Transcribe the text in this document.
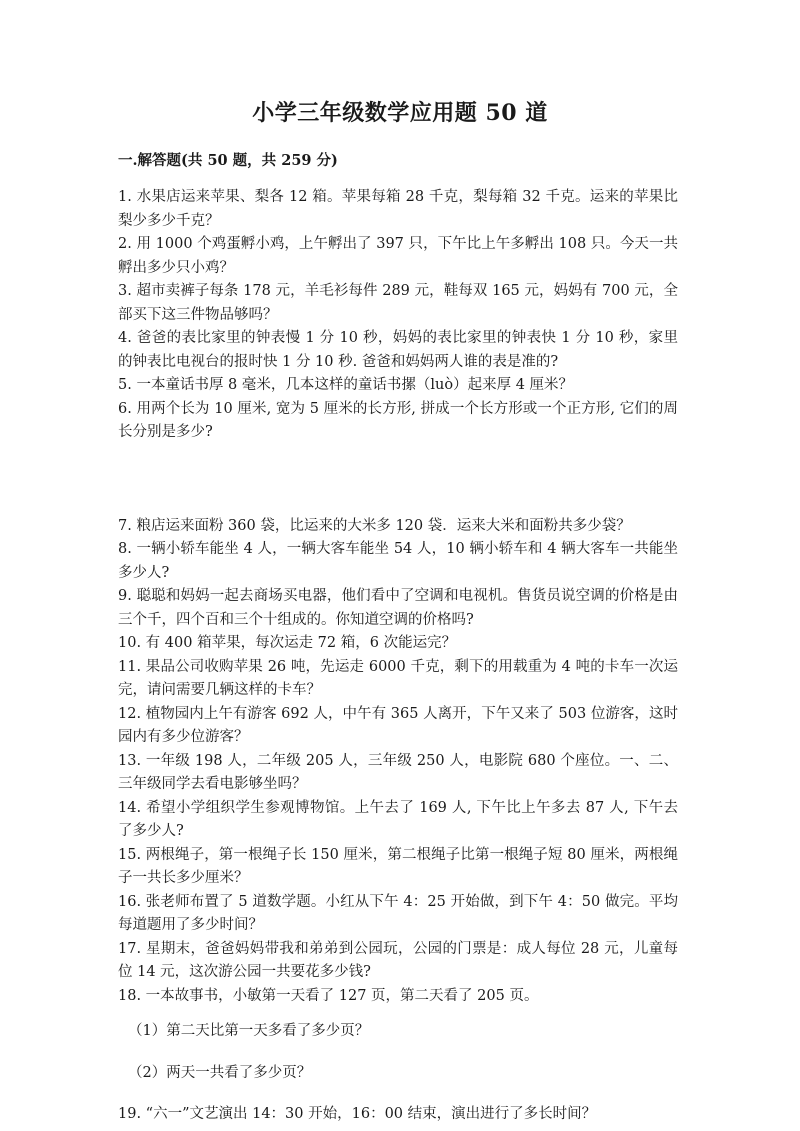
小学三年级数学应用题 50 道
一.解答题(共 50 题，共 259 分)

1. 水果店运来苹果、梨各 12 箱。苹果每箱 28 千克，梨每箱 32 千克。运来的苹果比梨少多少千克？

2. 用 1000 个鸡蛋孵小鸡，上午孵出了 397 只，下午比上午多孵出 108 只。今天一共孵出多少只小鸡？

3. 超市卖裤子每条 178 元，羊毛衫每件 289 元，鞋每双 165 元，妈妈有 700 元，全部买下这三件物品够吗？

4. 爸爸的表比家里的钟表慢 1 分 10 秒，妈妈的表比家里的钟表快 1 分 10 秒，家里的钟表比电视台的报时快 1 分 10 秒. 爸爸和妈妈两人谁的表是准的?

5. 一本童话书厚 8 毫米，几本这样的童话书摞（luò）起来厚 4 厘米？

6. 用两个长为 10 厘米, 宽为 5 厘米的长方形, 拼成一个长方形或一个正方形, 它们的周长分别是多少?

7. 粮店运来面粉 360 袋，比运来的大米多 120 袋．运来大米和面粉共多少袋？

8. 一辆小轿车能坐 4 人，一辆大客车能坐 54 人，10 辆小轿车和 4 辆大客车一共能坐多少人?

9. 聪聪和妈妈一起去商场买电器，他们看中了空调和电视机。售货员说空调的价格是由三个千，四个百和三个十组成的。你知道空调的价格吗?

10. 有 400 箱苹果，每次运走 72 箱，6 次能运完？

11. 果品公司收购苹果 26 吨，先运走 6000 千克，剩下的用载重为 4 吨的卡车一次运完，请问需要几辆这样的卡车？

12. 植物园内上午有游客 692 人，中午有 365 人离开，下午又来了 503 位游客，这时园内有多少位游客？

13. 一年级 198 人，二年级 205 人，三年级 250 人，电影院 680 个座位。一、二、三年级同学去看电影够坐吗？

14. 希望小学组织学生参观博物馆。上午去了 169 人, 下午比上午多去 87 人, 下午去了多少人?

15. 两根绳子，第一根绳子长 150 厘米，第二根绳子比第一根绳子短 80 厘米，两根绳子一共长多少厘米？

16. 张老师布置了 5 道数学题。小红从下午 4：25 开始做，到下午 4：50 做完。平均每道题用了多少时间？

17. 星期末，爸爸妈妈带我和弟弟到公园玩，公园的门票是：成人每位 28 元，儿童每位 14 元，这次游公园一共要花多少钱?

18. 一本故事书，小敏第一天看了 127 页，第二天看了 205 页。

（1）第二天比第一天多看了多少页？

（2）两天一共看了多少页？

19. “六一”文艺演出 14：30 开始，16：00 结束，演出进行了多长时间？
